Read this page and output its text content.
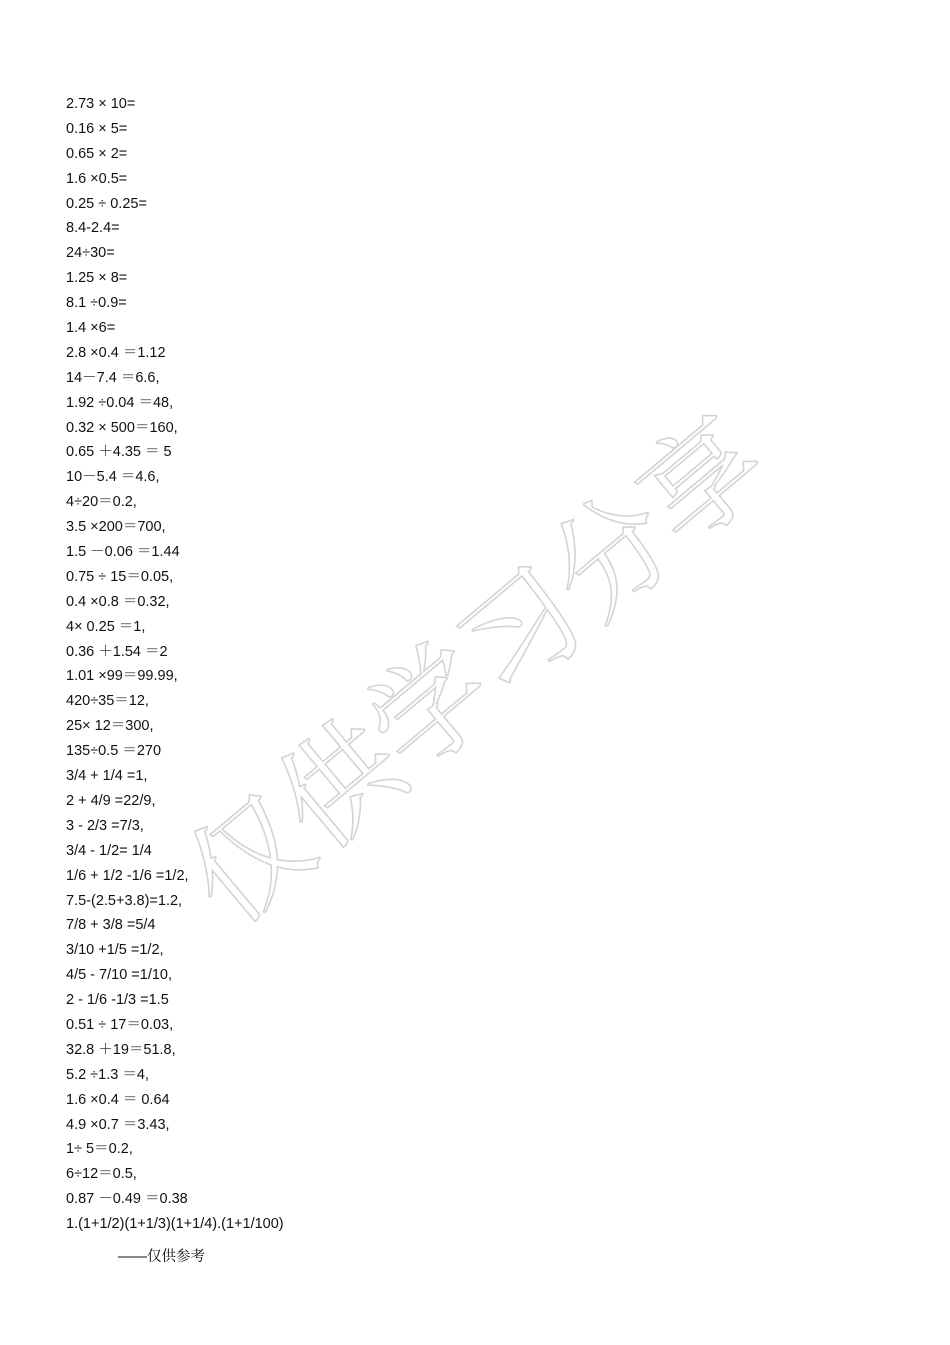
2.73 × 10=
0.16 × 5=
0.65 × 2=
1.6 ×0.5=
0.25 ÷ 0.25=
8.4-2.4=
24÷30=
1.25 × 8=
8.1 ÷0.9=
1.4 ×6=
2.8 ×0.4 ＝1.12
14－7.4 ＝6.6,
1.92 ÷0.04 ＝48,
0.32 × 500＝160,
0.65 ＋4.35 ＝ 5
10－5.4 ＝4.6,
4÷20＝0.2,
3.5 ×200＝700,
1.5 －0.06 ＝1.44
0.75 ÷ 15＝0.05,
0.4 ×0.8 ＝0.32,
4× 0.25 ＝1,
0.36 ＋1.54 ＝2
1.01 ×99＝99.99,
420÷35＝12,
25× 12＝300,
135÷0.5 ＝270
3/4 + 1/4 =1,
2 + 4/9 =22/9,
3 - 2/3 =7/3,
3/4 - 1/2= 1/4
1/6 + 1/2 -1/6 =1/2,
7.5-(2.5+3.8)=1.2,
7/8 + 3/8 =5/4
3/10 +1/5 =1/2,
4/5 - 7/10 =1/10,
2 - 1/6 -1/3 =1.5
0.51 ÷ 17＝0.03,
32.8 ＋19＝51.8,
5.2 ÷1.3 ＝4,
1.6 ×0.4 ＝ 0.64
4.9 ×0.7 ＝3.43,
1÷ 5＝0.2,
6÷12＝0.5,
0.87 －0.49 ＝0.38
1.(1+1/2)(1+1/3)(1+1/4).(1+1/100)
——仅供参考
仅供学习分享
